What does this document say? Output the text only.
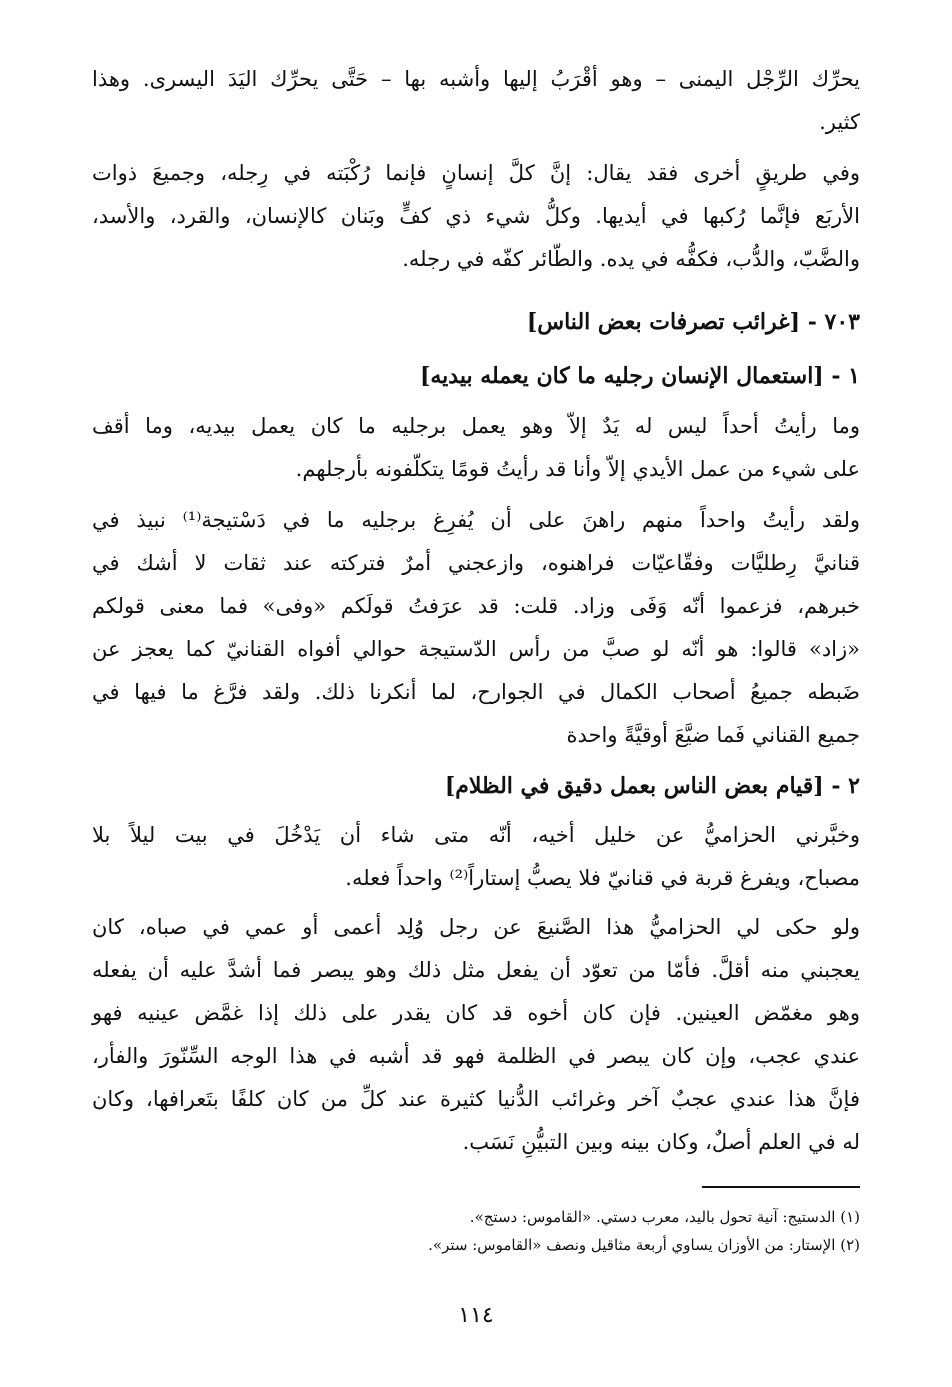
يحرِّك الرِّجْل اليمنى – وهو أقْرَبُ إليها وأشبه بها – حَتَّى يحرِّك اليَدَ اليسرى. وهذا
كثير.
وفي طريقٍ أخرى فقد يقال: إنَّ كلَّ إنسانٍ فإنما رُكْبَته في رِجله، وجميعَ ذوات
الأربَع فإنَّما رُكبها في أيديها. وكلُّ شيء ذي كفٍّ وبَنان كالإنسان، والقرد، والأسد،
والضَّبّ، والدُّب، فكفُّه في يده. والطّائر كفّه في رجله.
٧٠٣ - [غرائب تصرفات بعض الناس]
١ - [استعمال الإنسان رجليه ما كان يعمله بيديه]
وما رأيتُ أحداً ليس له يَدٌ إلاّ وهو يعمل برجليه ما كان يعمل بيديه، وما أقف
على شيء من عمل الأيدي إلاّ وأنا قد رأيتُ قومًا يتكلّفونه بأرجلهم.
ولقد رأيتُ واحداً منهم راهنَ على أن يُفرِغ برجليه ما في دَسْتيجة⁽¹⁾ نبيذ في
قنانيَّ رِطليَّات وفقّاعيّات فراهنوه، وازعجني أمرٌ فتركته عند ثقات لا أشك في
خبرهم، فزعموا أنّه وَفَى وزاد. قلت: قد عرَفتُ قولَكم «وفى» فما معنى قولكم
«زاد» قالوا: هو أنّه لو صبَّ من رأس الدّستيجة حوالي أفواه القنانيّ كما يعجز عن
ضَبطه جميعُ أصحاب الكمال في الجوارح، لما أنكرنا ذلك. ولقد فرَّغ ما فيها في
جميع القناني فَما ضيَّعَ أوقيَّةً واحدة
٢ - [قيام بعض الناس بعمل دقيق في الظلام]
وخبَّرني الحزاميُّ عن خليل أخيه، أنّه متى شاء أن يَدْخُلَ في بيت ليلاً بلا
مصباح، ويفرغ قربة في قنانيّ فلا يصبُّ إستاراً⁽²⁾ واحداً فعله.
ولو حكى لي الحزاميُّ هذا الصَّنيعَ عن رجل وُلِد أعمى أو عمي في صباه، كان
يعجبني منه أقلَّ. فأمّا من تعوّد أن يفعل مثل ذلك وهو يبصر فما أشدَّ عليه أن يفعله
وهو مغمّض العينين. فإن كان أخوه قد كان يقدر على ذلك إذا غمَّض عينيه فهو
عندي عجب، وإن كان يبصر في الظلمة فهو قد أشبه في هذا الوجه السِّنّورَ والفأر،
فإنَّ هذا عندي عجبٌ آخر وغرائب الدُّنيا كثيرة عند كلِّ من كان كلفًا بتَعرافها، وكان
له في العلم أصلٌ، وكان بينه وبين التبيُّنِ نَسَب.
(١) الدستيج: آنية تحول باليد، معرب دستي. «القاموس: دستج».
(٢) الإستار: من الأوزان يساوي أربعة مثاقيل ونصف «القاموس: ستر».
١١٤
